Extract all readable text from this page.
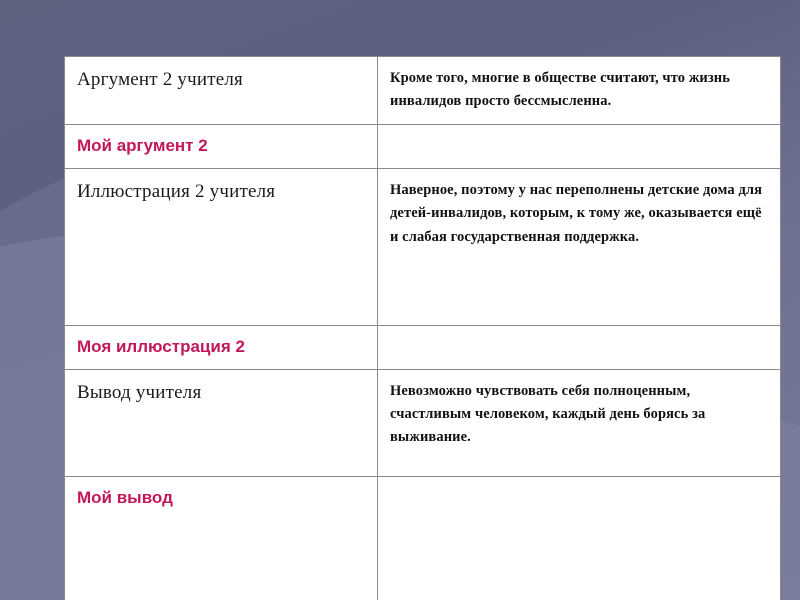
Аргумент 2 учителя	Кроме того, многие в обществе считают, что жизнь инвалидов просто бессмысленна.

Мой аргумент 2	

Иллюстрация 2 учителя	Наверное, поэтому у нас переполнены детские дома для детей-инвалидов, которым, к тому же, оказывается ещё и слабая государственная поддержка.

Моя иллюстрация 2	

Вывод учителя	Невозможно чувствовать себя полноценным, счастливым человеком, каждый день борясь за выживание.

Мой вывод	
